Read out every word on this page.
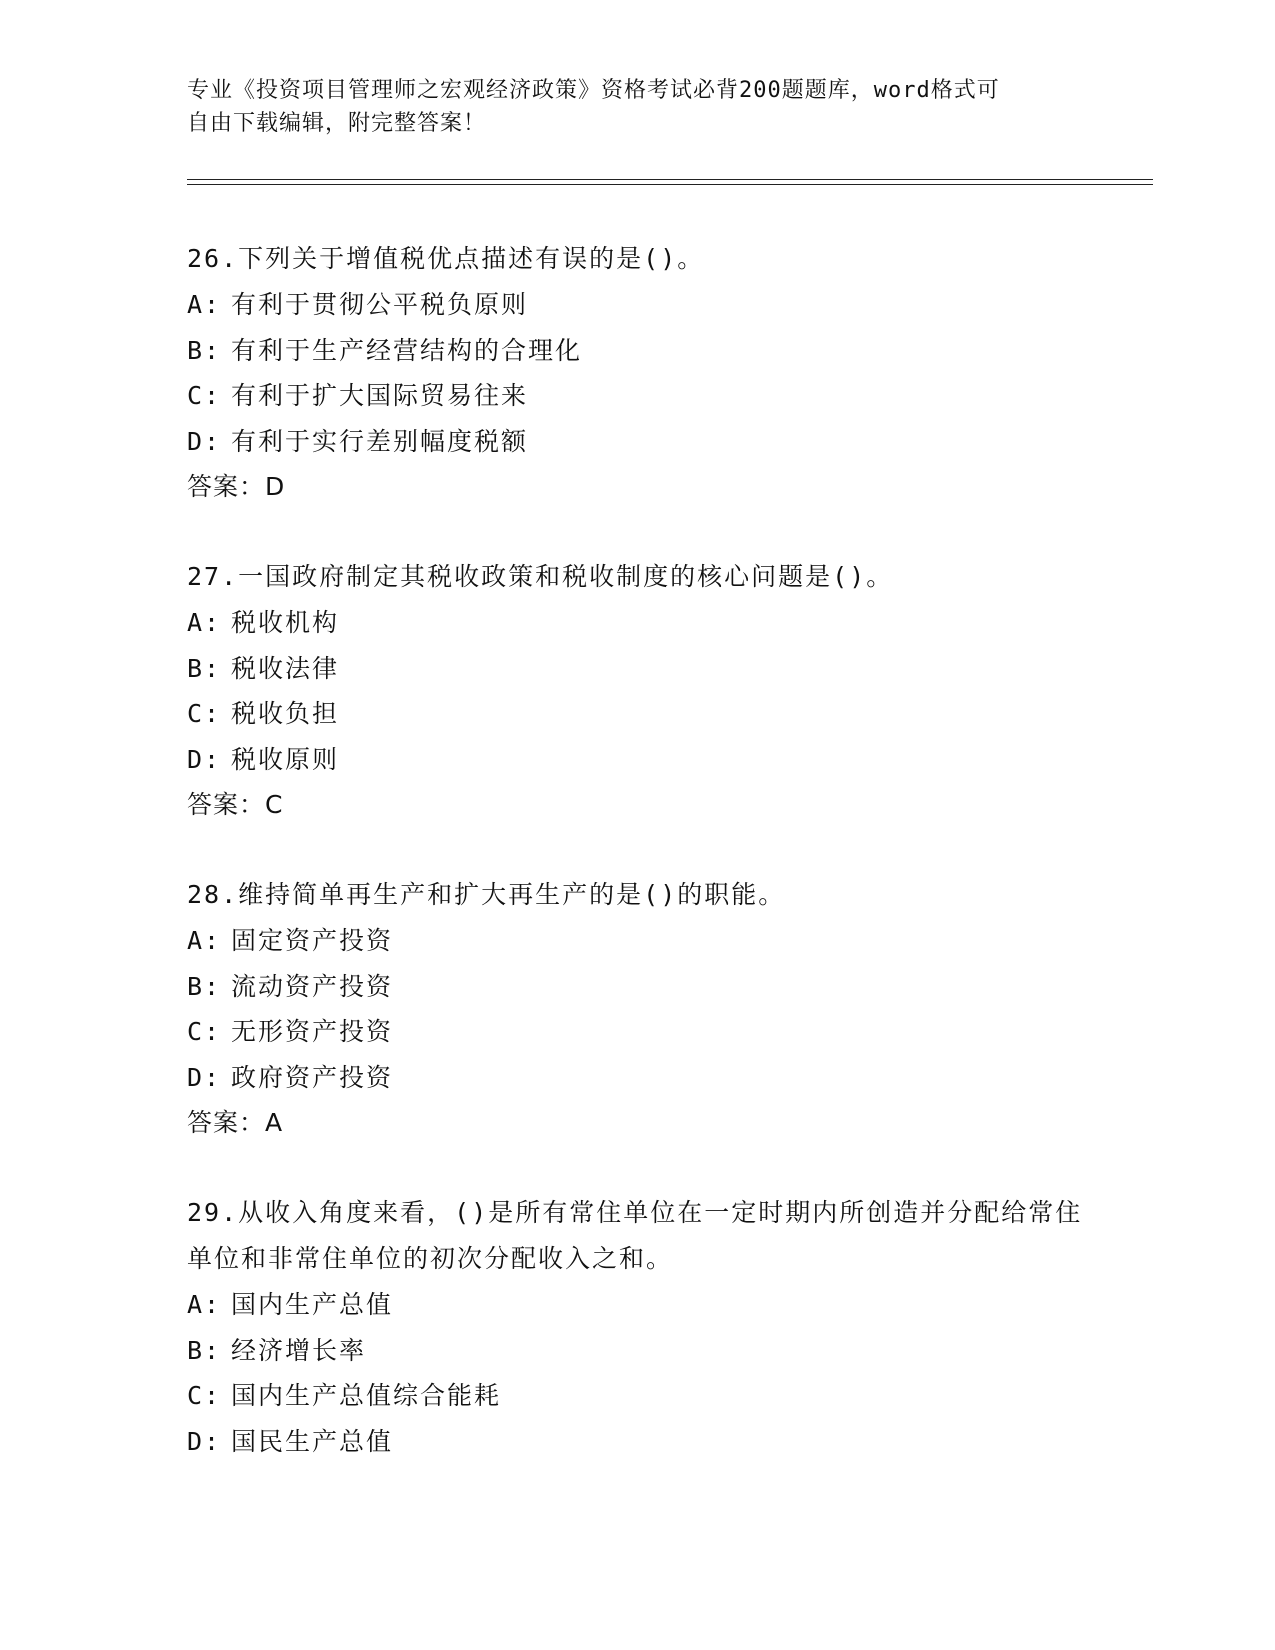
专业《投资项目管理师之宏观经济政策》资格考试必背200题题库，word格式可
自由下载编辑，附完整答案！

26.下列关于增值税优点描述有误的是()。

A: 有利于贯彻公平税负原则

B: 有利于生产经营结构的合理化

C: 有利于扩大国际贸易往来

D: 有利于实行差别幅度税额

答案：D

27.一国政府制定其税收政策和税收制度的核心问题是()。

A: 税收机构

B: 税收法律

C: 税收负担

D: 税收原则

答案：C

28.维持简单再生产和扩大再生产的是()的职能。

A: 固定资产投资

B: 流动资产投资

C: 无形资产投资

D: 政府资产投资

答案：A

29.从收入角度来看，()是所有常住单位在一定时期内所创造并分配给常住单位和非常住单位的初次分配收入之和。

A: 国内生产总值

B: 经济增长率

C: 国内生产总值综合能耗

D: 国民生产总值
